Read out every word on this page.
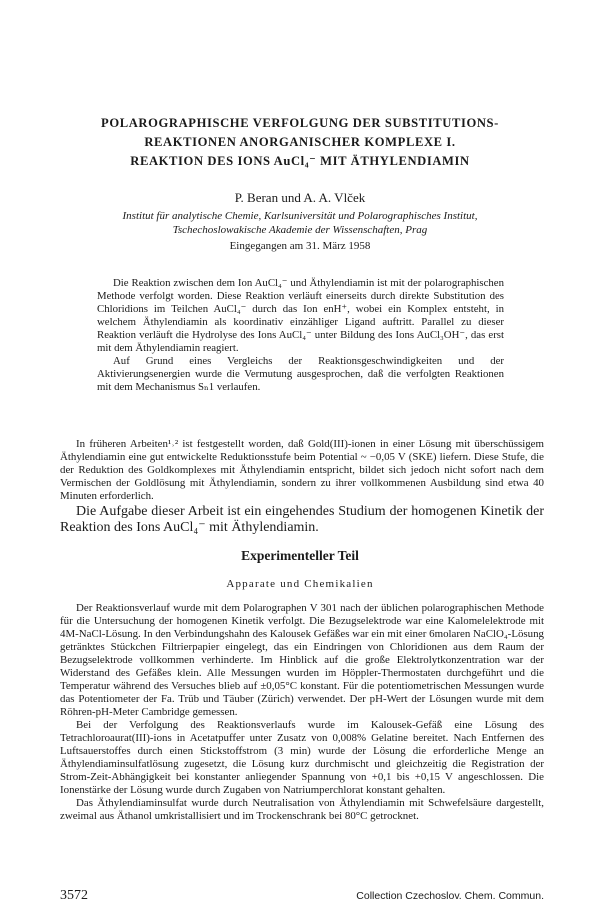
POLAROGRAPHISCHE VERFOLGUNG DER SUBSTITUTIONS-
REAKTIONEN ANORGANISCHER KOMPLEXE I.
REAKTION DES IONS AuCl₄⁻ MIT ÄTHYLENDIAMIN
P. Beran und A. A. Vlček
Institut für analytische Chemie, Karlsuniversität und Polarographisches Institut,
Tschechoslowakische Akademie der Wissenschaften, Prag
Eingegangen am 31. März 1958

Die Reaktion zwischen dem Ion AuCl₄⁻ und Äthylendiamin ist mit der polarographischen Methode verfolgt worden. Diese Reaktion verläuft einerseits durch direkte Substitution des Chloridions im Teilchen AuCl₄⁻ durch das Ion enH⁺, wobei ein Komplex entsteht, in welchem Äthylendiamin als koordinativ einzähliger Ligand auftritt. Parallel zu dieser Reaktion verläuft die Hydrolyse des Ions AuCl₄⁻ unter Bildung des Ions AuCl₃OH⁻, das erst mit dem Äthylendiamin reagiert.

Auf Grund eines Vergleichs der Reaktionsgeschwindigkeiten und der Aktivierungsenergien wurde die Vermutung ausgesprochen, daß die verfolgten Reaktionen mit dem Mechanismus Sₙ1 verlaufen.

In früheren Arbeiten¹˒² ist festgestellt worden, daß Gold(III)-ionen in einer Lösung mit überschüssigem Äthylendiamin eine gut entwickelte Reduktionsstufe beim Potential ~ −0,05 V (SKE) liefern. Diese Stufe, die der Reduktion des Goldkomplexes mit Äthylendiamin entspricht, bildet sich jedoch nicht sofort nach dem Vermischen der Goldlösung mit Äthylendiamin, sondern zu ihrer vollkommenen Ausbildung sind etwa 40 Minuten erforderlich.

Die Aufgabe dieser Arbeit ist ein eingehendes Studium der homogenen Kinetik der Reaktion des Ions AuCl₄⁻ mit Äthylendiamin.
Experimenteller Teil
Apparate und Chemikalien

Der Reaktionsverlauf wurde mit dem Polarographen V 301 nach der üblichen polarographischen Methode für die Untersuchung der homogenen Kinetik verfolgt. Die Bezugselektrode war eine Kalomelelektrode mit 4M-NaCl-Lösung. In den Verbindungshahn des Kalousek Gefäßes war ein mit einer 6molaren NaClO₄-Lösung getränktes Stückchen Filtrierpapier eingelegt, das ein Eindringen von Chloridionen aus dem Raum der Bezugselektrode vollkommen verhinderte. Im Hinblick auf die große Elektrolytkonzentration war der Widerstand des Gefäßes klein. Alle Messungen wurden im Höppler-Thermostaten durchgeführt und die Temperatur während des Versuches blieb auf ±0,05°C konstant. Für die potentiometrischen Messungen wurde das Potentiometer der Fa. Trüb und Täuber (Zürich) verwendet. Der pH-Wert der Lösungen wurde mit dem Röhren-pH-Meter Cambridge gemessen.

Bei der Verfolgung des Reaktionsverlaufs wurde im Kalousek-Gefäß eine Lösung des Tetrachloroaurat(III)-ions in Acetatpuffer unter Zusatz von 0,008% Gelatine bereitet. Nach Entfernen des Luftsauerstoffes durch einen Stickstoffstrom (3 min) wurde der Lösung die erforderliche Menge an Äthylendiaminsulfatlösung zugesetzt, die Lösung kurz durchmischt und gleichzeitig die Registration der Strom-Zeit-Abhängigkeit bei konstanter anliegender Spannung von +0,1 bis +0,15 V angeschlossen. Die Ionenstärke der Lösung wurde durch Zugaben von Natriumperchlorat konstant gehalten.

Das Äthylendiaminsulfat wurde durch Neutralisation von Äthylendiamin mit Schwefelsäure dargestellt, zweimal aus Äthanol umkristallisiert und im Trockenschrank bei 80°C getrocknet.

3572	Collection Czechoslov. Chem. Commun.
